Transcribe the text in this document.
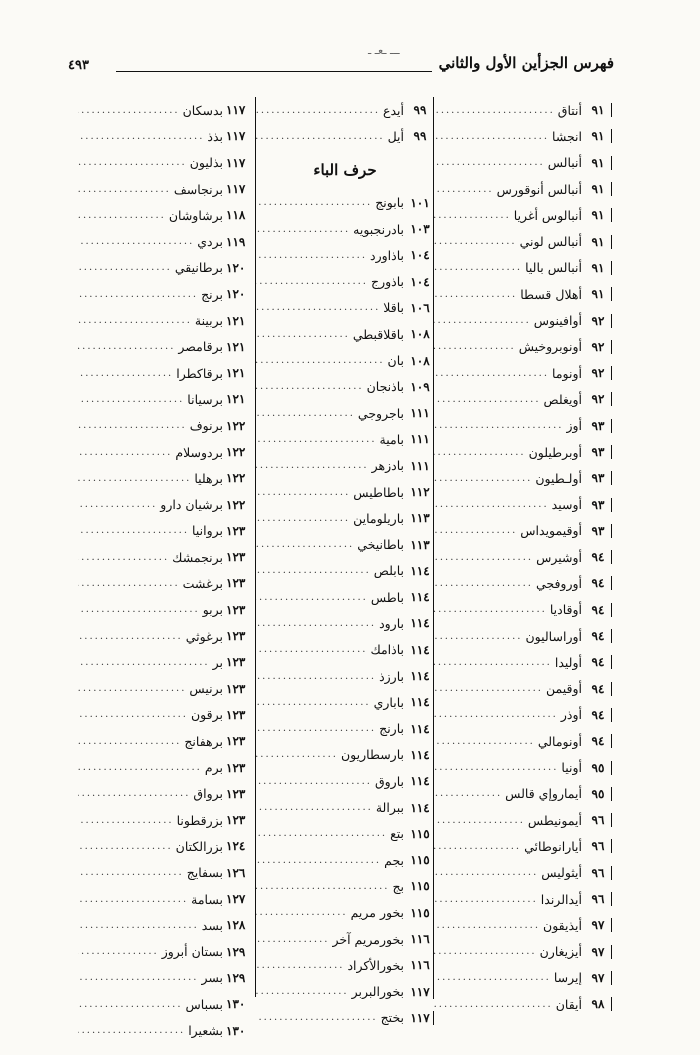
فهرس الجزأين الأول والثاني
ـــ ـعـ ـ
٤٩٣
٩١
أنتاق
.....
٩١
انجشا
.....
٩١
أنبالس
.....
٩١
أنبالس أنوقورس
.....
٩١
أنبالوس أغريا
.....
٩١
أنبالس لوني
.....
٩١
أنبالس باليا
.....
٩١
أهلال قسطا
.....
٩٢
أوافينوس
.....
٩٢
أونوبروخيش
.....
٩٢
أونوما
.....
٩٢
أويغلص
.....
٩٣
أوز
.....
٩٣
أوبرطيلون
.....
٩٣
أولـطيون
.....
٩٣
أوسيد
.....
٩٣
أوقيمويداس
.....
٩٤
أوشيرس
.....
٩٤
أوروفجي
.....
٩٤
أوقاديا
.....
٩٤
أوراساليون
.....
٩٤
أوليدا
.....
٩٤
أوقيمن
.....
٩٤
أوذر
.....
٩٤
أونومالي
.....
٩٥
أونيا
.....
٩٥
أيماروإي قالس
.....
٩٦
أيمونيطس
.....
٩٦
أيارانوطائي
.....
٩٦
أيثوليس
.....
٩٦
أيدالرندا
.....
٩٧
أيذيقون
.....
٩٧
أيزيغارن
.....
٩٧
إيرسا
.....
٩٨
أيقان
.....
٩٩
أيدع
.....
٩٩
أيل
.....
حرف الباء
١٠١
بابونج
.....
١٠٣
بادرنجبويه
.....
١٠٤
باذاورد
.....
١٠٤
باذورج
.....
١٠٦
باقلا
.....
١٠٨
باقلاقبطي
.....
١٠٨
بان
.....
١٠٩
باذنجان
.....
١١١
باجروجي
.....
١١١
بامية
.....
١١١
بادزهر
.....
١١٢
باطاطيس
.....
١١٣
باريلوماين
.....
١١٣
باطانيخي
.....
١١٤
بابلص
.....
١١٤
باطس
.....
١١٤
بارود
.....
١١٤
باذامك
.....
١١٤
بارزذ
.....
١١٤
باباري
.....
١١٤
بارنج
.....
١١٤
بارسطاريون
.....
١١٤
باروق
.....
١١٤
ببرالة
.....
١١٥
بتع
.....
١١٥
بجم
.....
١١٥
بج
.....
١١٥
بخور مريم
.....
١١٦
بخورمريم آخر
.....
١١٦
بخورالأكراد
.....
١١٧
بخورالبربر
.....
١١٧
بختج
.....
١١٧
بدسكان
.....
١١٧
بذذ
.....
١١٧
بذليون
.....
١١٧
برنجاسف
.....
١١٨
برشاوشان
.....
١١٩
بردي
.....
١٢٠
برطانيقي
.....
١٢٠
برنج
.....
١٢١
بربينة
.....
١٢١
برقامصر
.....
١٢١
برقاكطرا
.....
١٢١
برسيانا
.....
١٢٢
برنوف
.....
١٢٢
بردوسلام
.....
١٢٢
برهليا
.....
١٢٢
برشيان دارو
.....
١٢٣
بروانيا
.....
١٢٣
برنجمشك
.....
١٢٣
برغشت
.....
١٢٣
بربو
.....
١٢٣
برغوثي
.....
١٢٣
بر
.....
١٢٣
برنيس
.....
١٢٣
برقون
.....
١٢٣
برهفانج
.....
١٢٣
برم
.....
١٢٣
برواق
.....
١٢٣
بزرقطونا
.....
١٢٤
بزرالكتان
.....
١٢٦
بسفايج
.....
١٢٧
بسامة
.....
١٢٨
بسد
.....
١٢٩
بستان أبروز
.....
١٢٩
بسر
.....
١٣٠
بسباس
.....
١٣٠
بشعيرا
.....
